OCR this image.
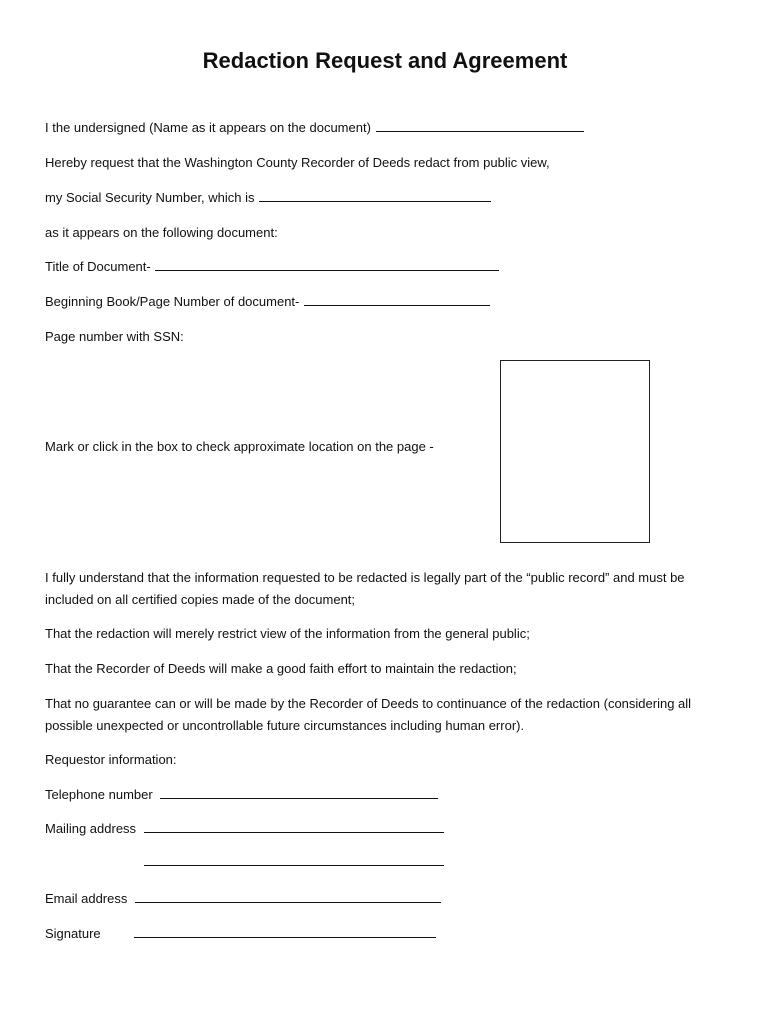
Redaction Request and Agreement
I the undersigned (Name as it appears on the document)
Hereby request that the Washington County Recorder of Deeds redact from public view,
my Social Security Number, which is
as it appears on the following document:
Title of Document-
Beginning Book/Page Number of document-
Page number with SSN:
Mark or click in the box to check approximate location on the page -
I fully understand that the information requested to be redacted is legally part of the “public record” and must be included on all certified copies made of the document;
That the redaction will merely restrict view of the information from the general public;
That the Recorder of Deeds will make a good faith effort to maintain the redaction;
That no guarantee can or will be made by the Recorder of Deeds to continuance of the redaction (considering all possible unexpected or uncontrollable future circumstances including human error).
Requestor information:
Telephone number
Mailing address
Email address
Signature
